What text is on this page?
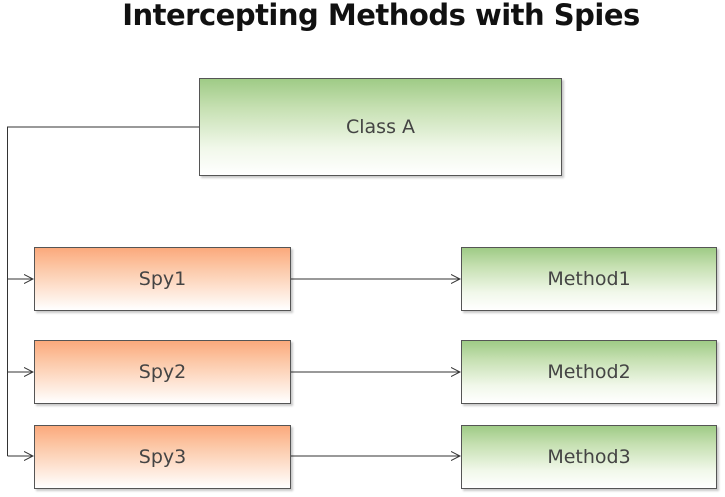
Intercepting Methods with Spies
Class A
Spy1
Spy2
Spy3
Method1
Method2
Method3
